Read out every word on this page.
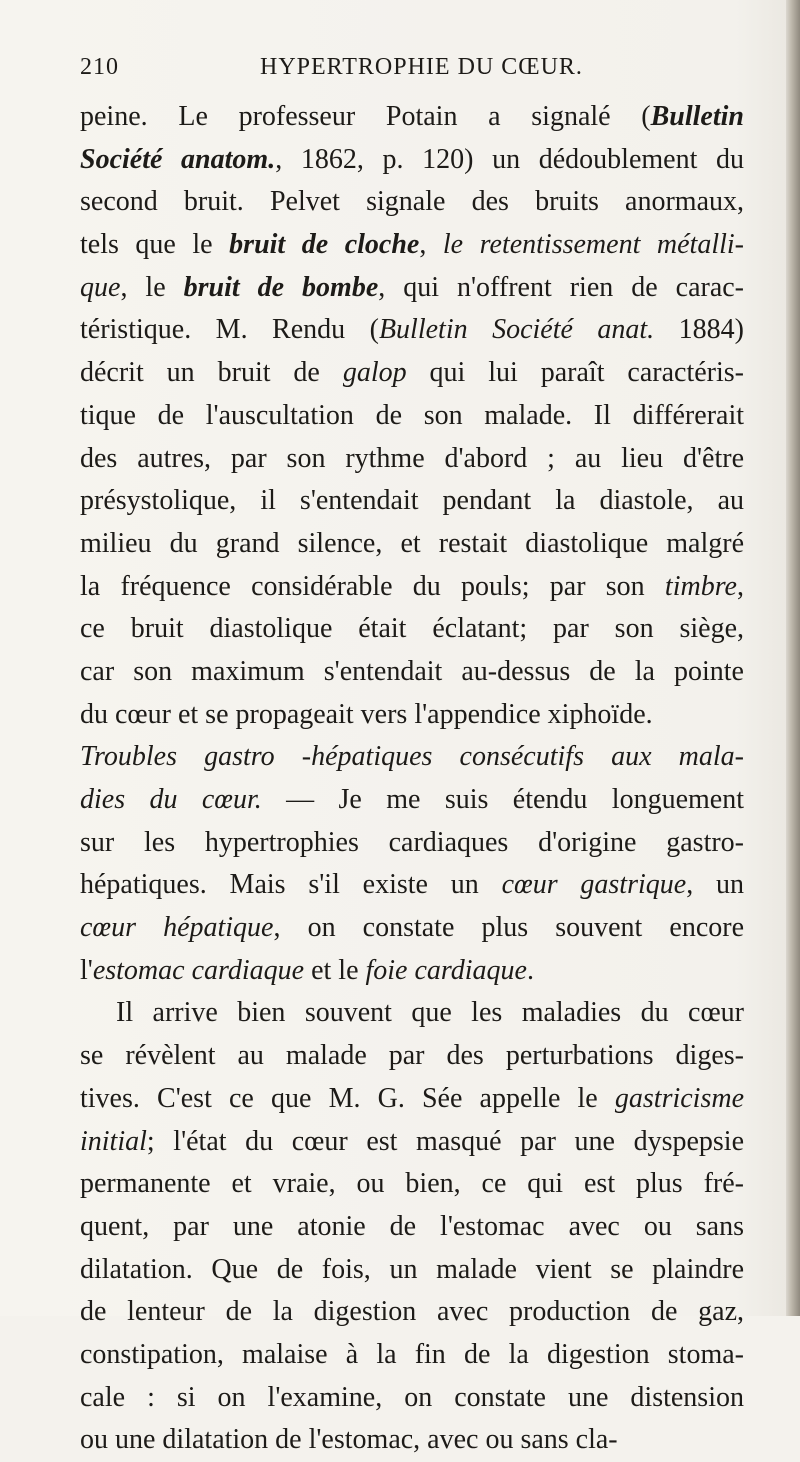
210	HYPERTROPHIE DU CŒUR.
peine. Le professeur Potain a signalé (Bulletin
Société anatom., 1862, p. 120) un dédoublement du
second bruit. Pelvet signale des bruits anormaux,
tels que le bruit de cloche, le retentissement métalli-
que, le bruit de bombe, qui n'offrent rien de carac-
téristique. M. Rendu (Bulletin Société anat. 1884)
décrit un bruit de galop qui lui paraît caractéris-
tique de l'auscultation de son malade. Il différerait
des autres, par son rythme d'abord ; au lieu d'être
présystolique, il s'entendait pendant la diastole, au
milieu du grand silence, et restait diastolique malgré
la fréquence considérable du pouls; par son timbre,
ce bruit diastolique était éclatant; par son siège,
car son maximum s'entendait au-dessus de la pointe
du cœur et se propageait vers l'appendice xiphoïde.
Troubles gastro -hépatiques consécutifs aux mala-
dies du cœur. — Je me suis étendu longuement
sur les hypertrophies cardiaques d'origine gastro-
hépatiques. Mais s'il existe un cœur gastrique, un
cœur hépatique, on constate plus souvent encore
l'estomac cardiaque et le foie cardiaque.
Il arrive bien souvent que les maladies du cœur
se révèlent au malade par des perturbations diges-
tives. C'est ce que M. G. Sée appelle le gastricisme
initial; l'état du cœur est masqué par une dyspepsie
permanente et vraie, ou bien, ce qui est plus fré-
quent, par une atonie de l'estomac avec ou sans
dilatation. Que de fois, un malade vient se plaindre
de lenteur de la digestion avec production de gaz,
constipation, malaise à la fin de la digestion stoma-
cale : si on l'examine, on constate une distension
ou une dilatation de l'estomac, avec ou sans cla-
